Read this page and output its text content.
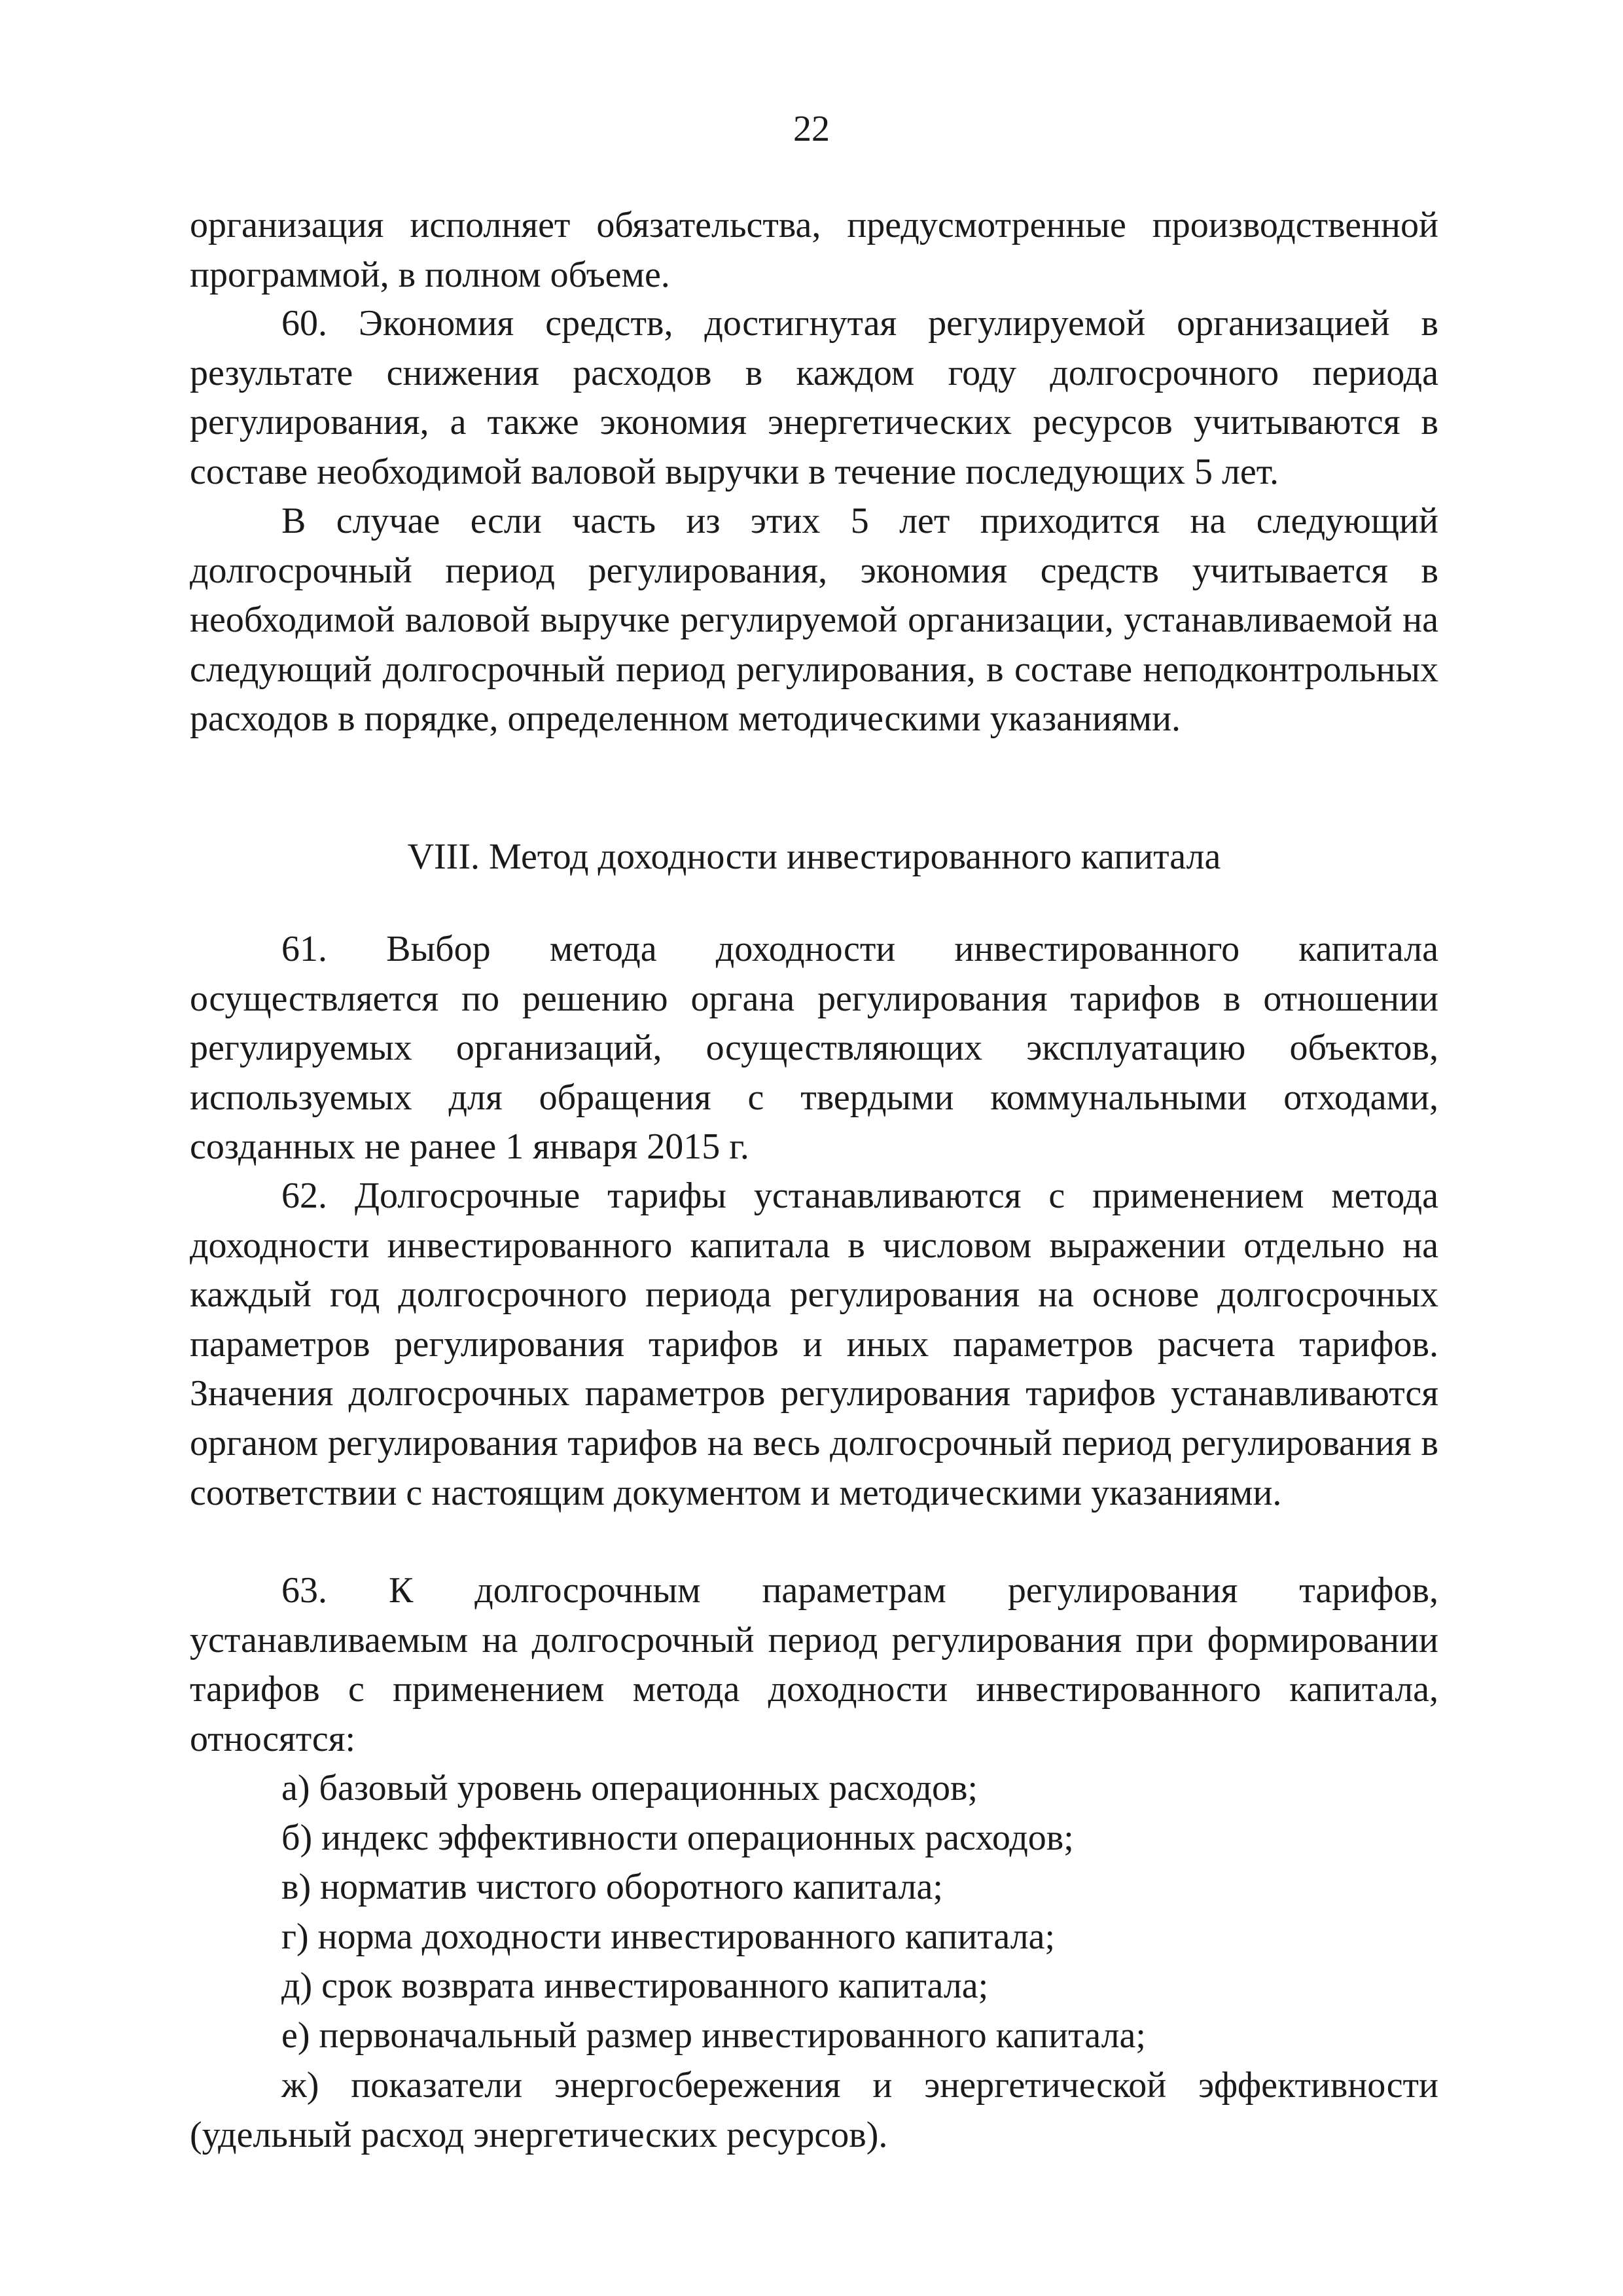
22

организация исполняет обязательства, предусмотренные производственной программой, в полном объеме.

60. Экономия средств, достигнутая регулируемой организацией в результате снижения расходов в каждом году долгосрочного периода регулирования, а также экономия энергетических ресурсов учитываются в составе необходимой валовой выручки в течение последующих 5 лет.

В случае если часть из этих 5 лет приходится на следующий долгосрочный период регулирования, экономия средств учитывается в необходимой валовой выручке регулируемой организации, устанавливаемой на следующий долгосрочный период регулирования, в составе неподконтрольных расходов в порядке, определенном методическими указаниями.

VIII. Метод доходности инвестированного капитала

61. Выбор метода доходности инвестированного капитала осуществляется по решению органа регулирования тарифов в отношении регулируемых организаций, осуществляющих эксплуатацию объектов, используемых для обращения с твердыми коммунальными отходами, созданных не ранее 1 января 2015 г.

62. Долгосрочные тарифы устанавливаются с применением метода доходности инвестированного капитала в числовом выражении отдельно на каждый год долгосрочного периода регулирования на основе долгосрочных параметров регулирования тарифов и иных параметров расчета тарифов. Значения долгосрочных параметров регулирования тарифов устанавливаются органом регулирования тарифов на весь долгосрочный период регулирования в соответствии с настоящим документом и методическими указаниями.

63. К долгосрочным параметрам регулирования тарифов, устанавливаемым на долгосрочный период регулирования при формировании тарифов с применением метода доходности инвестированного капитала, относятся:

а) базовый уровень операционных расходов;

б) индекс эффективности операционных расходов;

в) норматив чистого оборотного капитала;

г) норма доходности инвестированного капитала;

д) срок возврата инвестированного капитала;

е) первоначальный размер инвестированного капитала;

ж) показатели энергосбережения и энергетической эффективности (удельный расход энергетических ресурсов).
